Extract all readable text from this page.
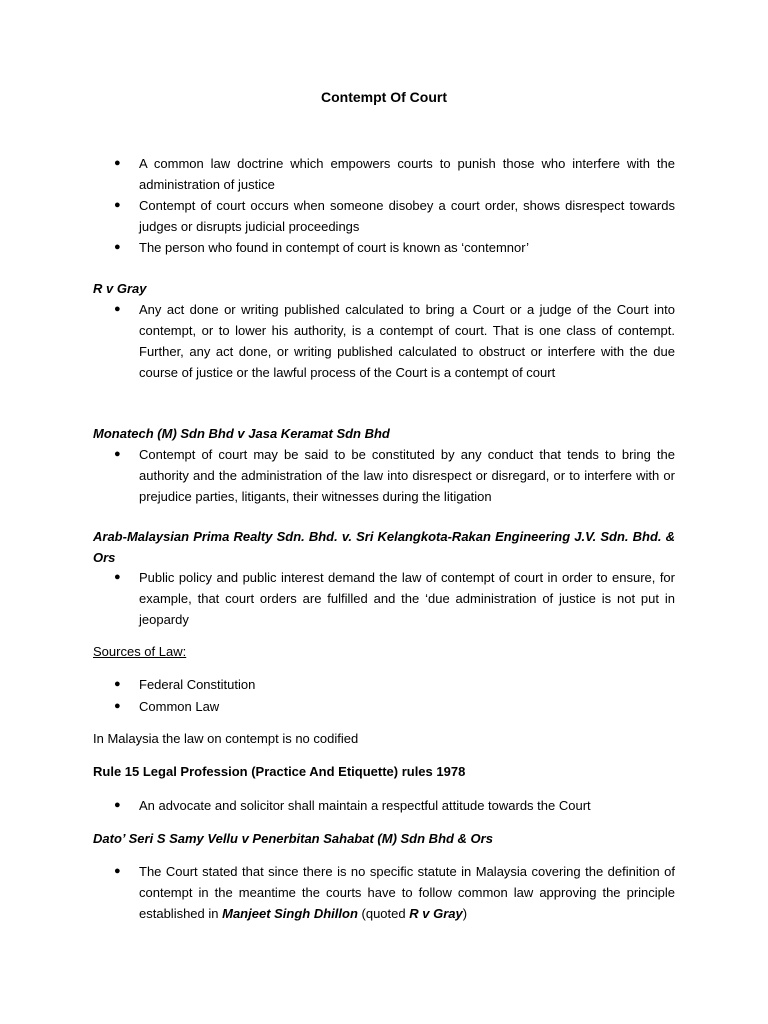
Contempt Of Court
● A common law doctrine which empowers courts to punish those who interfere with the administration of justice
● Contempt of court occurs when someone disobey a court order, shows disrespect towards judges or disrupts judicial proceedings
● The person who found in contempt of court is known as ‘contemnor’

R v Gray

● Any act done or writing published calculated to bring a Court or a judge of the Court into contempt, or to lower his authority, is a contempt of court. That is one class of contempt. Further, any act done, or writing published calculated to obstruct or interfere with the due course of justice or the lawful process of the Court is a contempt of court

Monatech (M) Sdn Bhd v Jasa Keramat Sdn Bhd

● Contempt of court may be said to be constituted by any conduct that tends to bring the authority and the administration of the law into disrespect or disregard, or to interfere with or prejudice parties, litigants, their witnesses during the litigation

Arab-Malaysian Prima Realty Sdn. Bhd. v. Sri Kelangkota-Rakan Engineering J.V. Sdn. Bhd. & Ors

● Public policy and public interest demand the law of contempt of court in order to ensure, for example, that court orders are fulfilled and the ‘due administration of justice is not put in jeopardy

Sources of Law:

● Federal Constitution
● Common Law

In Malaysia the law on contempt is no codified

Rule 15 Legal Profession (Practice And Etiquette) rules 1978

● An advocate and solicitor shall maintain a respectful attitude towards the Court

Dato’ Seri S Samy Vellu v Penerbitan Sahabat (M) Sdn Bhd & Ors

● The Court stated that since there is no specific statute in Malaysia covering the definition of contempt in the meantime the courts have to follow common law approving the principle established in Manjeet Singh Dhillon (quoted R v Gray)
